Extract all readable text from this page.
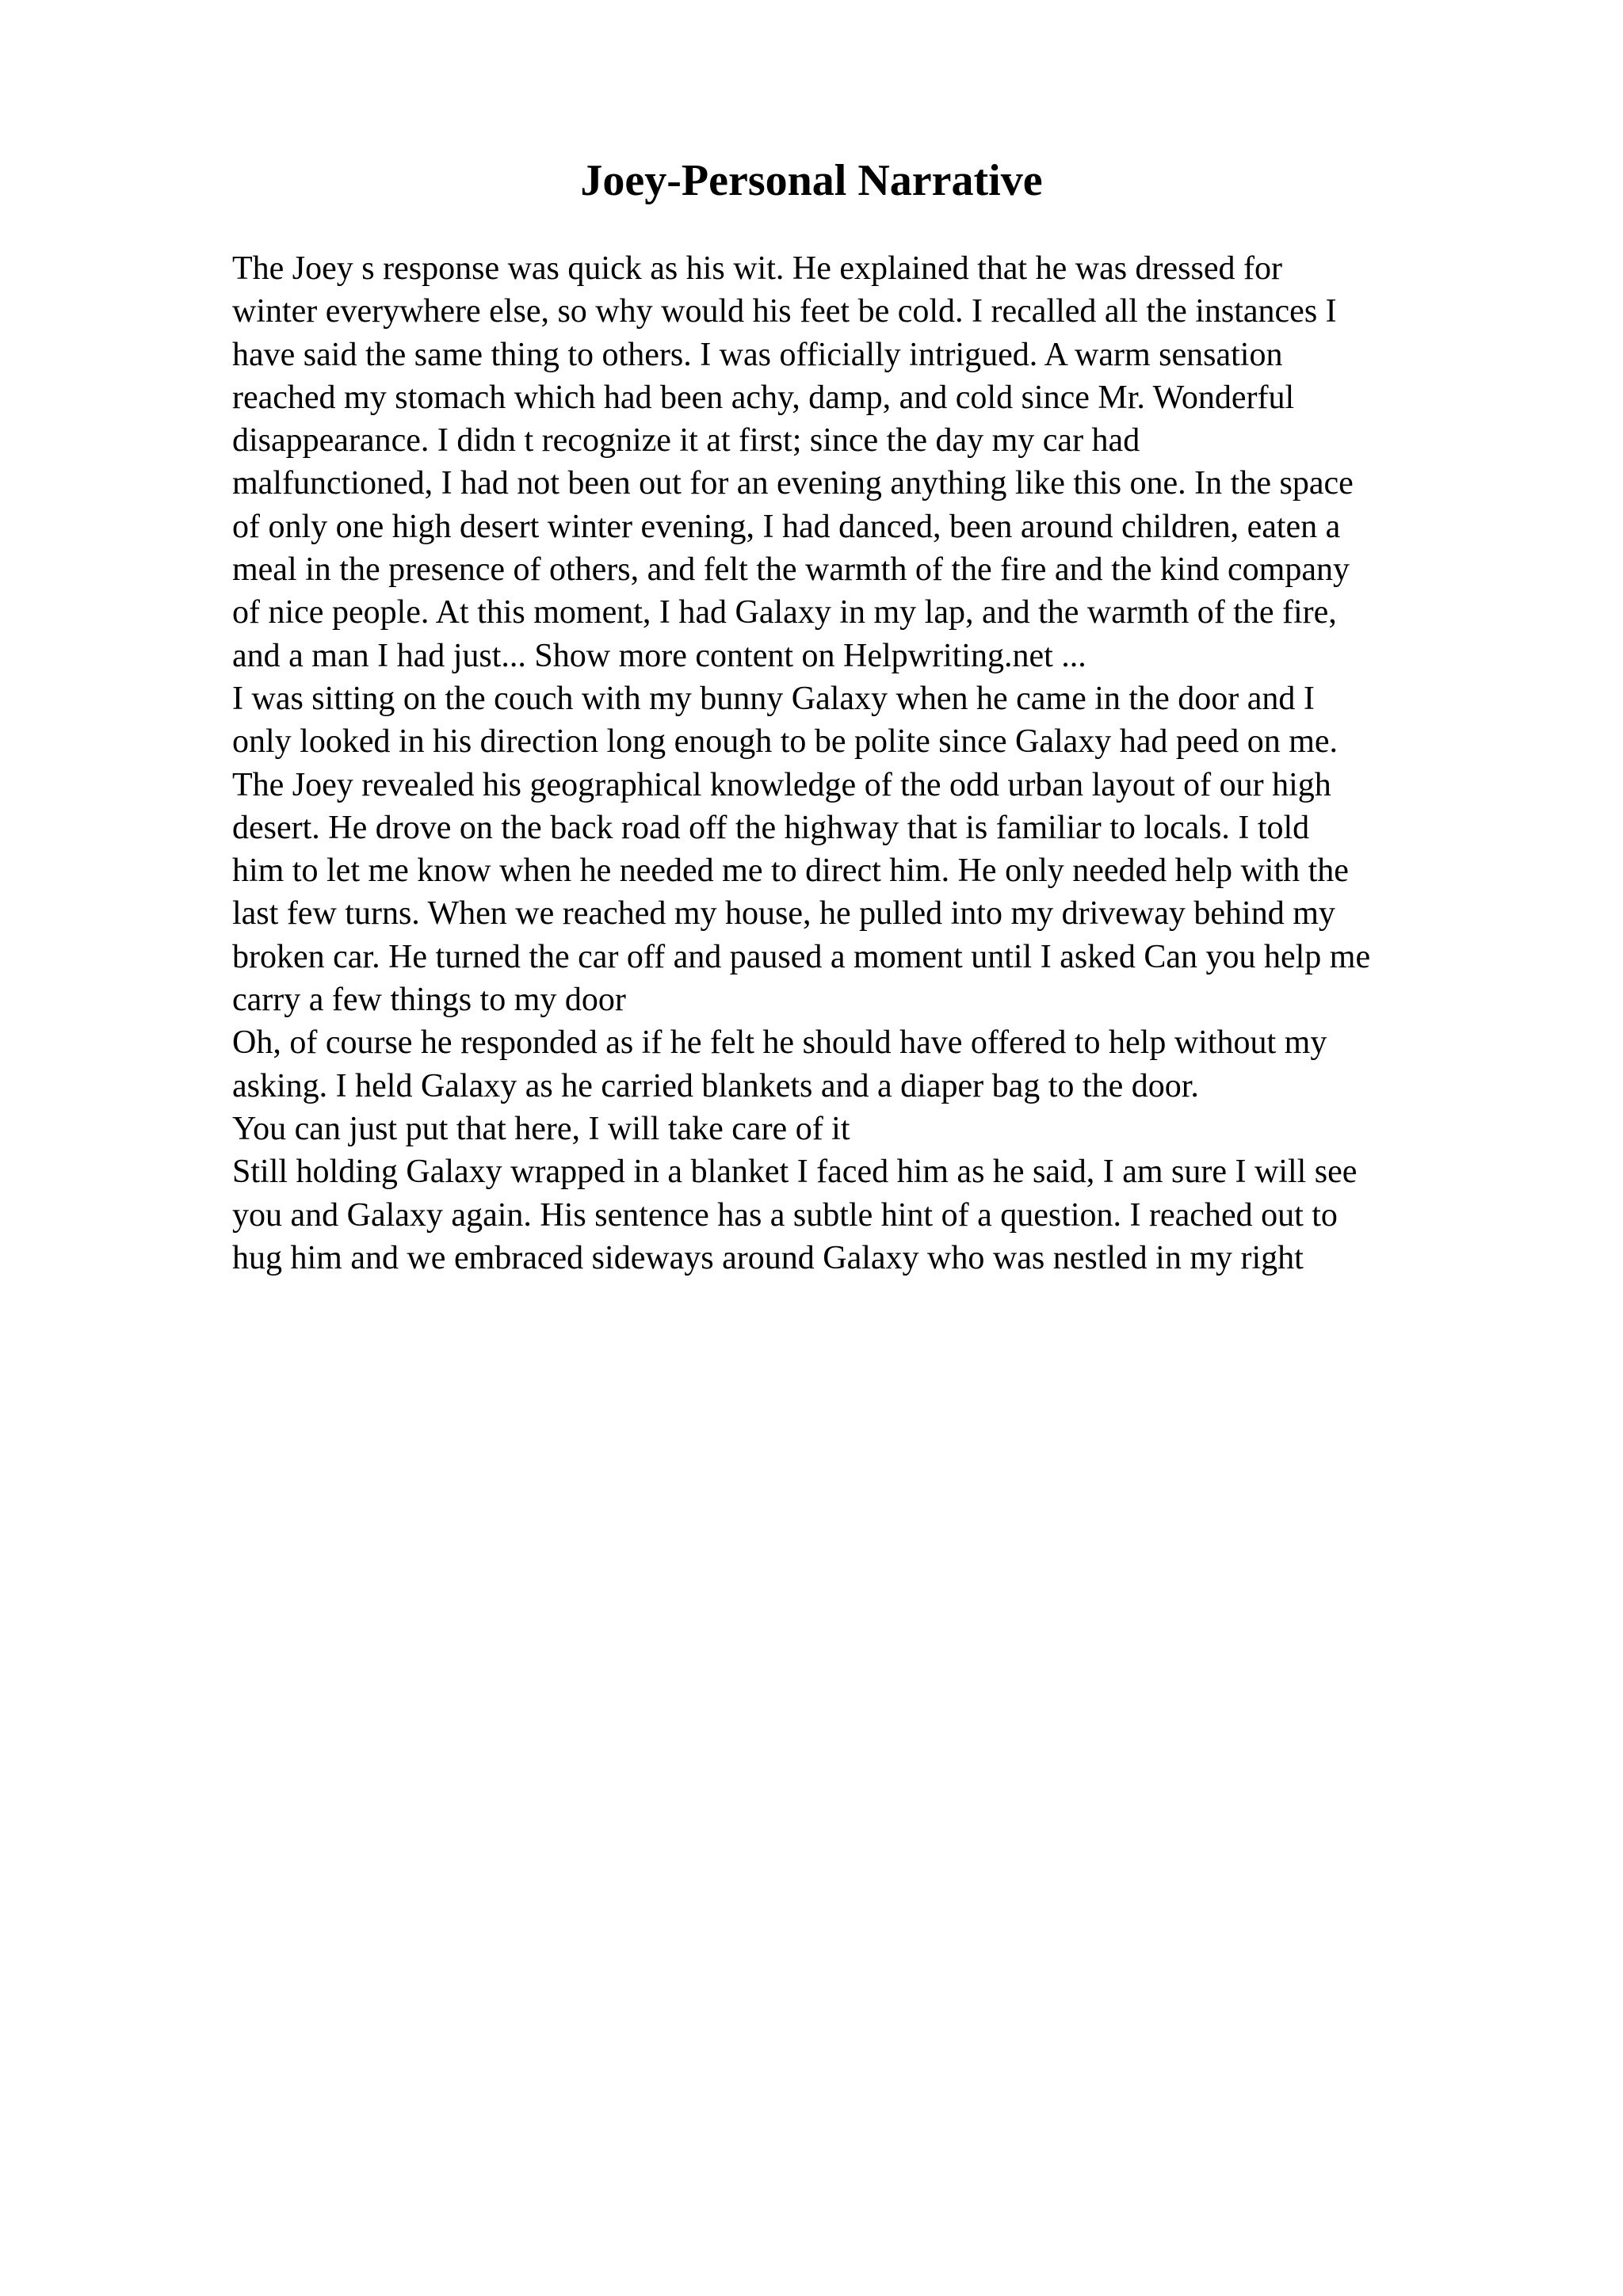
Joey-Personal Narrative
The Joey s response was quick as his wit. He explained that he was dressed for
winter everywhere else, so why would his feet be cold. I recalled all the instances I
have said the same thing to others. I was officially intrigued. A warm sensation
reached my stomach which had been achy, damp, and cold since Mr. Wonderful
disappearance. I didn t recognize it at first; since the day my car had
malfunctioned, I had not been out for an evening anything like this one. In the space
of only one high desert winter evening, I had danced, been around children, eaten a
meal in the presence of others, and felt the warmth of the fire and the kind company
of nice people. At this moment, I had Galaxy in my lap, and the warmth of the fire,
and a man I had just... Show more content on Helpwriting.net ...
I was sitting on the couch with my bunny Galaxy when he came in the door and I
only looked in his direction long enough to be polite since Galaxy had peed on me.
The Joey revealed his geographical knowledge of the odd urban layout of our high
desert. He drove on the back road off the highway that is familiar to locals. I told
him to let me know when he needed me to direct him. He only needed help with the
last few turns. When we reached my house, he pulled into my driveway behind my
broken car. He turned the car off and paused a moment until I asked Can you help me
carry a few things to my door
Oh, of course he responded as if he felt he should have offered to help without my
asking. I held Galaxy as he carried blankets and a diaper bag to the door.
You can just put that here, I will take care of it
Still holding Galaxy wrapped in a blanket I faced him as he said, I am sure I will see
you and Galaxy again. His sentence has a subtle hint of a question. I reached out to
hug him and we embraced sideways around Galaxy who was nestled in my right
